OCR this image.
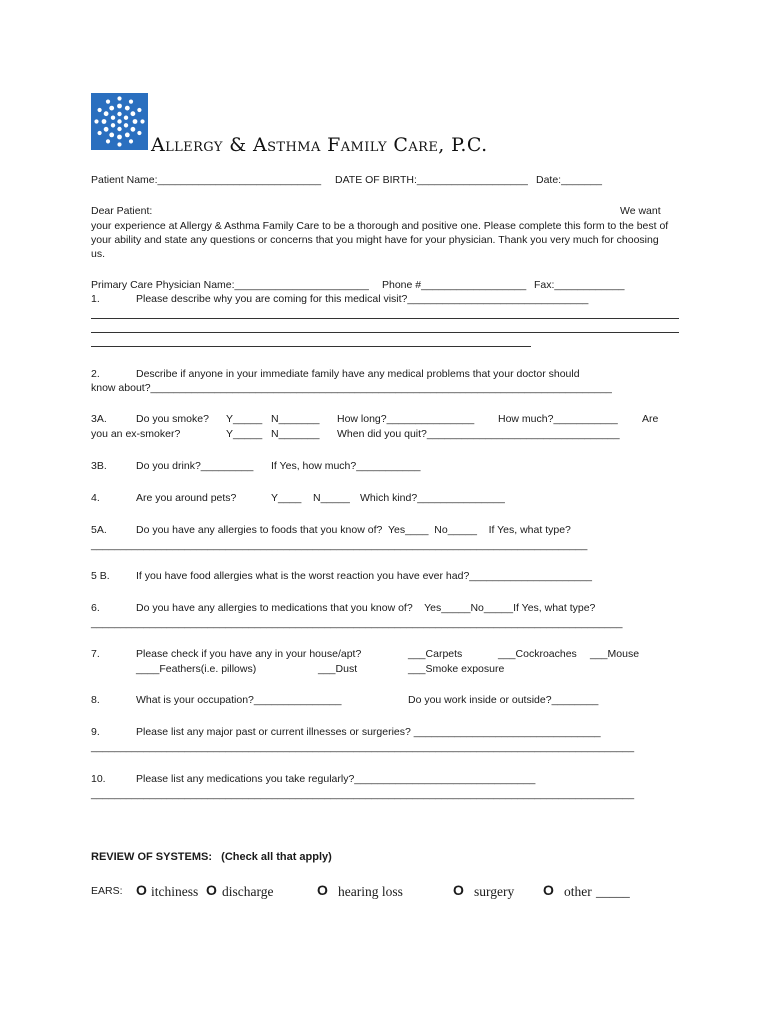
Allergy & Asthma Family Care, P.C.
Patient Name:____________________________ DATE OF BIRTH:___________________ Date:_______
Dear Patient:	We want
your experience at Allergy & Asthma Family Care to be a thorough and positive one. Please complete this form to the best of your ability and state any questions or concerns that you might have for your physician. Thank you very much for choosing us.
Primary Care Physician Name:_______________________ Phone #__________________ Fax:____________
1.	Please describe why you are coming for this medical visit?_______________________________
2.	Describe if anyone in your immediate family have any medical problems that your doctor should
know about?_______________________________________________________________________________
3A.	Do you smoke? Y_____ N_______ How long?_______________ How much?___________ Are
you an ex-smoker?	Y_____ N_______ When did you quit?_________________________________
3B.	Do you drink?_________ If Yes, how much?___________
4.	Are you around pets?	Y____ N_____ Which kind?_______________
5A.	Do you have any allergies to foods that you know of?  Yes____  No_____    If Yes, what type?
_____________________________________________________________________________________
5 B.	If you have food allergies what is the worst reaction you have ever had?_____________________
6.	Do you have any allergies to medications that you know of?    Yes_____No_____If Yes, what type?
___________________________________________________________________________________________
7.	Please check if you have any in your house/apt?	___Carpets	___Cockroaches ___Mouse
____Feathers(i.e. pillows)	___Dust	___Smoke exposure
8.	What is your occupation?_______________	Do you work inside or outside?________
9.	Please list any major past or current illnesses or surgeries? ________________________________
_____________________________________________________________________________________________
10.	Please list any medications you take regularly?_______________________________
_____________________________________________________________________________________________
REVIEW OF SYSTEMS:   (Check all that apply)
EARS: O itchiness O discharge	O hearing loss	O surgery O other _____
